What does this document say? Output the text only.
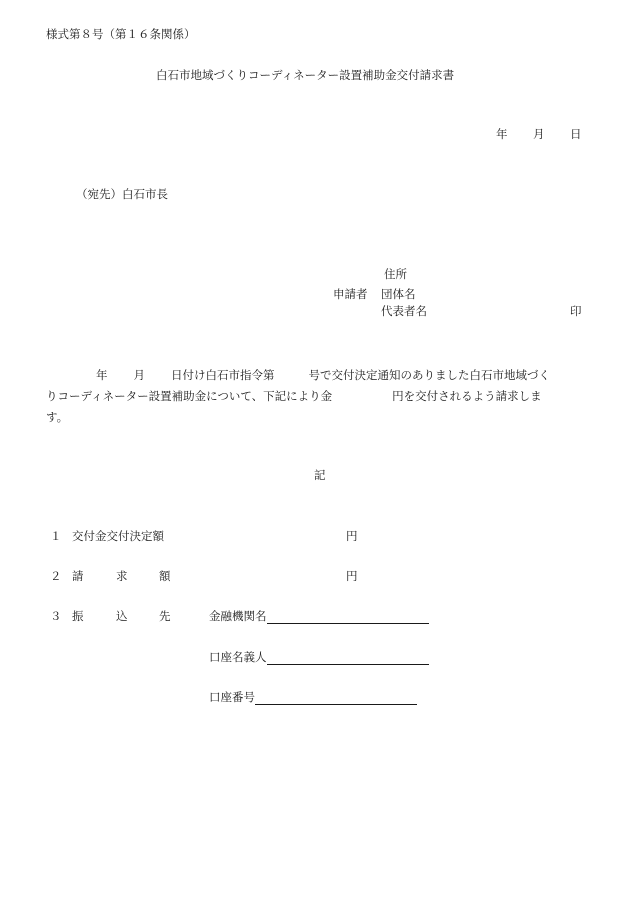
様式第８号（第１６条関係）
白石市地域づくりコーディネーター設置補助金交付請求書
年 月 日
（宛先）白石市長
住所
申請者 団体名
代表者名	印
年 月 日付け白石市指令第	号で交付決定通知のありました白石市地域づく
りコーディネーター設置補助金について、下記により金	円を交付されるよう請求しま
す。
記
１ 交付金交付決定額	円
２ 請	求	額	円
３ 振	込	先	金融機関名
口座名義人
口座番号
